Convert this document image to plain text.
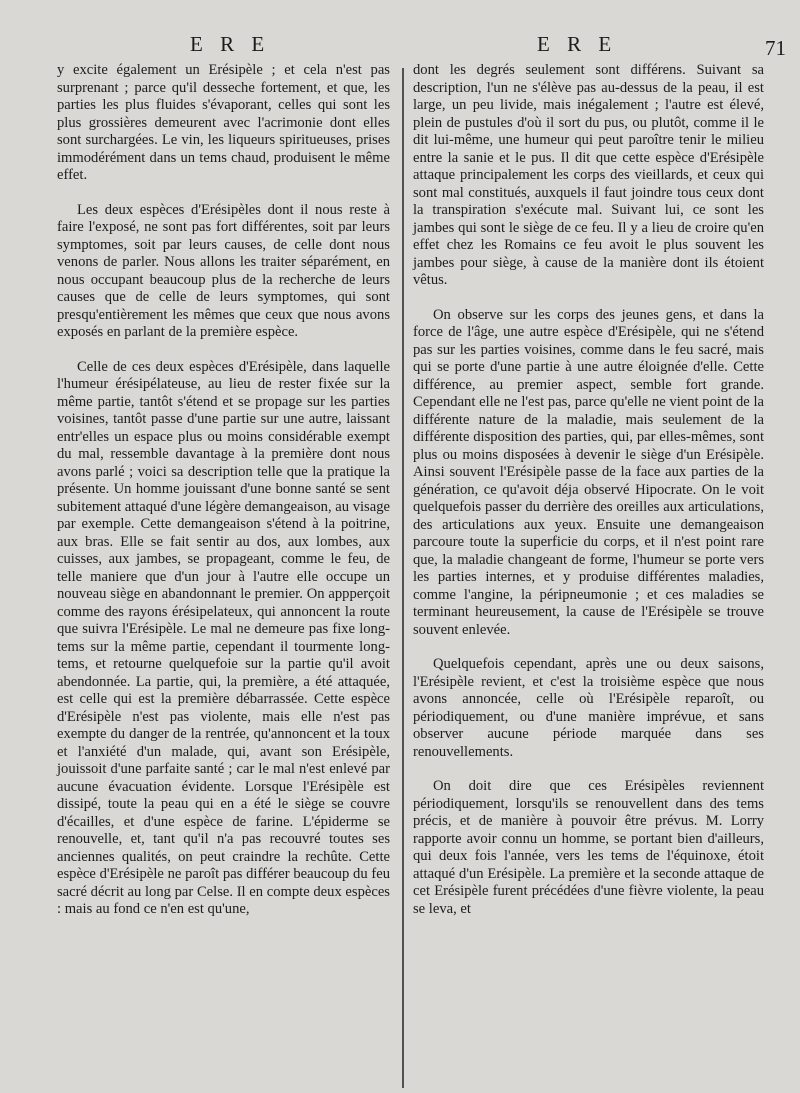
E R E	E R E	71

y excite également un Erésipèle ; et cela n'est pas surprenant ; parce qu'il desseche fortement, et que, les parties les plus fluides s'évaporant, celles qui sont les plus grossières demeurent avec l'acrimonie dont elles sont surchargées. Le vin, les liqueurs spiritueuses, prises immodérément dans un tems chaud, produisent le même effet.

Les deux espèces d'Erésipèles dont il nous reste à faire l'exposé, ne sont pas fort différentes, soit par leurs symptomes, soit par leurs causes, de celle dont nous venons de parler. Nous allons les traiter séparément, en nous occupant beaucoup plus de la recherche de leurs causes que de celle de leurs symptomes, qui sont presqu'entièrement les mêmes que ceux que nous avons exposés en parlant de la première espèce.

Celle de ces deux espèces d'Erésipèle, dans laquelle l'humeur érésipélateuse, au lieu de rester fixée sur la même partie, tantôt s'étend et se propage sur les parties voisines, tantôt passe d'une partie sur une autre, laissant entr'elles un espace plus ou moins considérable exempt du mal, ressemble davantage à la première dont nous avons parlé ; voici sa description telle que la pratique la présente. Un homme jouissant d'une bonne santé se sent subitement attaqué d'une légère demangeaison, au visage par exemple. Cette demangeaison s'étend à la poitrine, aux bras. Elle se fait sentir au dos, aux lombes, aux cuisses, aux jambes, se propageant, comme le feu, de telle maniere que d'un jour à l'autre elle occupe un nouveau siège en abandonnant le premier. On appperçoit comme des rayons érésipelateux, qui annoncent la route que suivra l'Erésipèle. Le mal ne demeure pas fixe long-tems sur la même partie, cependant il tourmente long-tems, et retourne quelquefoie sur la partie qu'il avoit abendonnée. La partie, qui, la première, a été attaquée, est celle qui est la première débarrassée. Cette espèce d'Erésipèle n'est pas violente, mais elle n'est pas exempte du danger de la rentrée, qu'annoncent et la toux et l'anxiété d'un malade, qui, avant son Erésipèle, jouissoit d'une parfaite santé ; car le mal n'est enlevé par aucune évacuation évidente. Lorsque l'Erésipèle est dissipé, toute la peau qui en a été le siège se couvre d'écailles, et d'une espèce de farine. L'épiderme se renouvelle, et, tant qu'il n'a pas recouvré toutes ses anciennes qualités, on peut craindre la rechûte. Cette espèce d'Erésipèle ne paroît pas différer beaucoup du feu sacré décrit au long par Celse. Il en compte deux espèces : mais au fond ce n'en est qu'une,

dont les degrés seulement sont différens. Suivant sa description, l'un ne s'élève pas au-dessus de la peau, il est large, un peu livide, mais inégalement ; l'autre est élevé, plein de pustules d'où il sort du pus, ou plutôt, comme il le dit lui-même, une humeur qui peut paroître tenir le milieu entre la sanie et le pus. Il dit que cette espèce d'Erésipèle attaque principalement les corps des vieillards, et ceux qui sont mal constitués, auxquels il faut joindre tous ceux dont la transpiration s'exécute mal. Suivant lui, ce sont les jambes qui sont le siège de ce feu. Il y a lieu de croire qu'en effet chez les Romains ce feu avoit le plus souvent les jambes pour siège, à cause de la manière dont ils étoient vêtus.

On observe sur les corps des jeunes gens, et dans la force de l'âge, une autre espèce d'Erésipèle, qui ne s'étend pas sur les parties voisines, comme dans le feu sacré, mais qui se porte d'une partie à une autre éloignée d'elle. Cette différence, au premier aspect, semble fort grande. Cependant elle ne l'est pas, parce qu'elle ne vient point de la différente nature de la maladie, mais seulement de la différente disposition des parties, qui, par elles-mêmes, sont plus ou moins disposées à devenir le siège d'un Erésipèle. Ainsi souvent l'Erésipèle passe de la face aux parties de la génération, ce qu'avoit déja observé Hipocrate. On le voit quelquefois passer du derrière des oreilles aux articulations, des articulations aux yeux. Ensuite une demangeaison parcoure toute la superficie du corps, et il n'est point rare que, la maladie changeant de forme, l'humeur se porte vers les parties internes, et y produise différentes maladies, comme l'angine, la péripneumonie ; et ces maladies se terminant heureusement, la cause de l'Erésipèle se trouve souvent enlevée.

Quelquefois cependant, après une ou deux saisons, l'Erésipèle revient, et c'est la troisième espèce que nous avons annoncée, celle où l'Erésipèle reparoît, ou périodiquement, ou d'une manière imprévue, et sans observer aucune période marquée dans ses renouvellements.

On doit dire que ces Erésipèles reviennent périodiquement, lorsqu'ils se renouvellent dans des tems précis, et de manière à pouvoir être prévus. M. Lorry rapporte avoir connu un homme, se portant bien d'ailleurs, qui deux fois l'année, vers les tems de l'équinoxe, étoit attaqué d'un Erésipèle. La première et la seconde attaque de cet Erésipèle furent précédées d'une fièvre violente, la peau se leva, et
